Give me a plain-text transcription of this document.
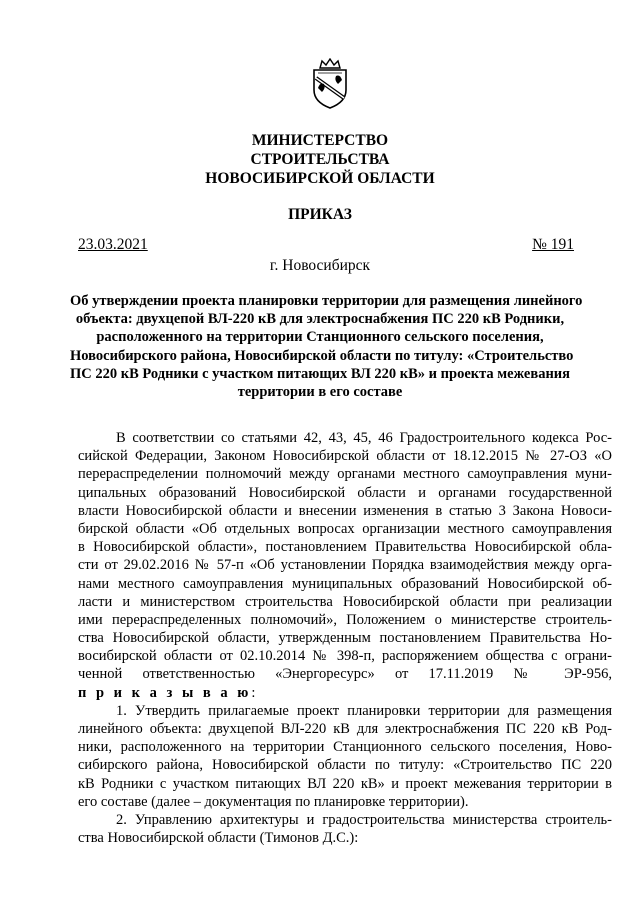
МИНИСТЕРСТВО
СТРОИТЕЛЬСТВА
НОВОСИБИРСКОЙ ОБЛАСТИ
ПРИКАЗ
23.03.2021	№ 191
г. Новосибирск
Об утверждении проекта планировки территории для размещения линейного
объекта: двухцепой ВЛ-220 кВ для электроснабжения ПС 220 кВ Родники,
расположенного на территории Станционного сельского поселения,
Новосибирского района, Новосибирской области по титулу: «Строительство
ПС 220 кВ Родники с участком питающих ВЛ 220 кВ» и проекта межевания
территории в его составе
В соответствии со статьями 42, 43, 45, 46 Градостроительного кодекса Рос-
сийской Федерации, Законом Новосибирской области от 18.12.2015 № 27-ОЗ «О
перераспределении полномочий между органами местного самоуправления муни-
ципальных образований Новосибирской области и органами государственной
власти Новосибирской области и внесении изменения в статью 3 Закона Новоси-
бирской области «Об отдельных вопросах организации местного самоуправления
в Новосибирской области», постановлением Правительства Новосибирской обла-
сти от 29.02.2016 № 57-п «Об установлении Порядка взаимодействия между орга-
нами местного самоуправления муниципальных образований Новосибирской об-
ласти и министерством строительства Новосибирской области при реализации
ими перераспределенных полномочий», Положением о министерстве строитель-
ства Новосибирской области, утвержденным постановлением Правительства Но-
восибирской области от 02.10.2014 № 398-п, распоряжением общества с ограни-
ченной ответственностью «Энергоресурс» от 17.11.2019 № ЭР-956,
п р и к а з ы в а ю:
1. Утвердить прилагаемые проект планировки территории для размещения
линейного объекта: двухцепой ВЛ-220 кВ для электроснабжения ПС 220 кВ Род-
ники, расположенного на территории Станционного сельского поселения, Ново-
сибирского района, Новосибирской области по титулу: «Строительство ПС 220
кВ Родники с участком питающих ВЛ 220 кВ» и проект межевания территории в
его составе (далее – документация по планировке территории).
2. Управлению архитектуры и градостроительства министерства строитель-
ства Новосибирской области (Тимонов Д.С.):
